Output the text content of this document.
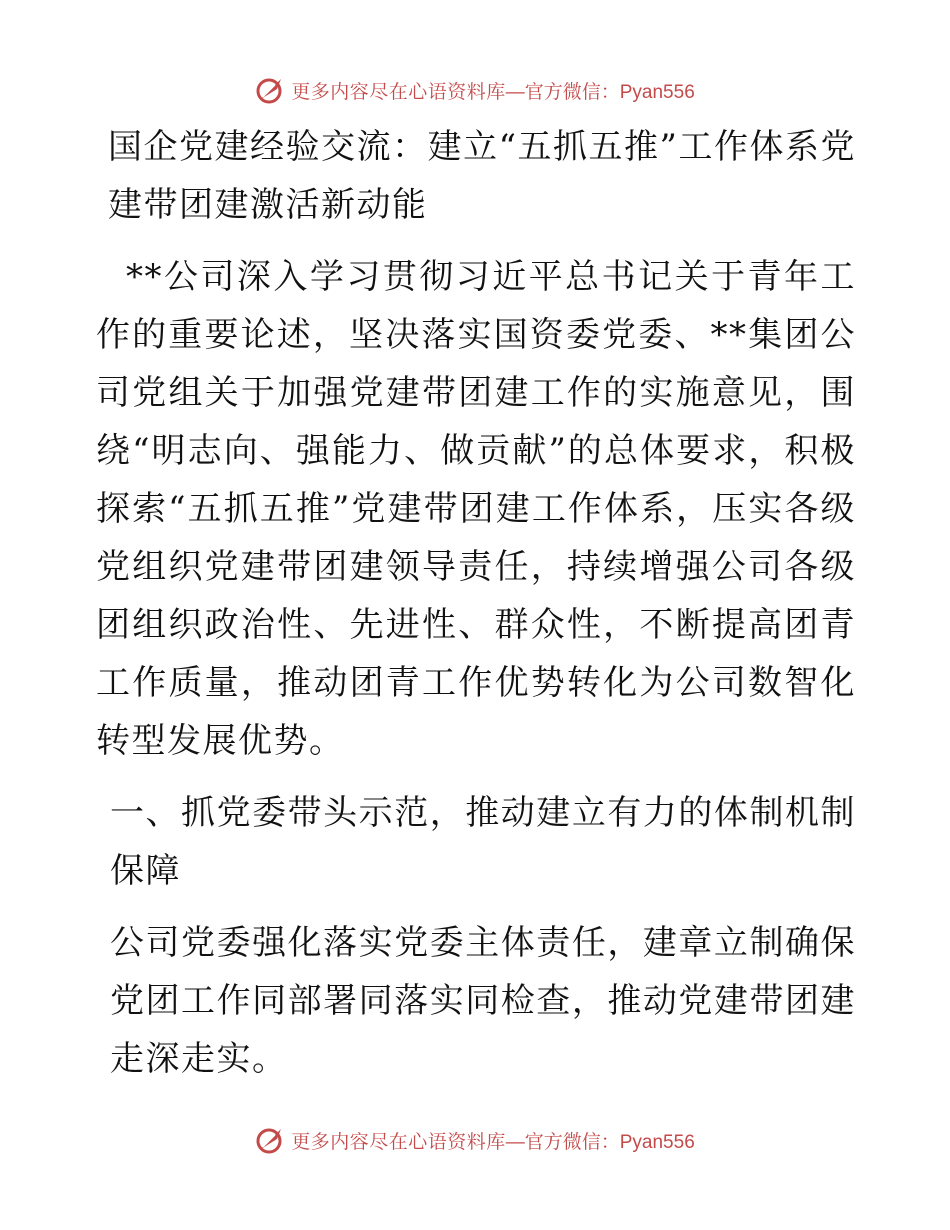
更多内容尽在心语资料库 —官方微信：Pyan556

国企党建经验交流：建立“五抓五推”工作体系党建带团建激活新动能

**公司深入学习贯彻习近平总书记关于青年工作的重要论述，坚决落实国资委党委、**集团公司党组关于加强党建带团建工作的实施意见，围绕“明志向、强能力、做贡献”的总体要求，积极探索“五抓五推”党建带团建工作体系，压实各级党组织党建带团建领导责任，持续增强公司各级团组织政治性、先进性、群众性，不断提高团青工作质量，推动团青工作优势转化为公司数智化转型发展优势。

一、抓党委带头示范，推动建立有力的体制机制保障

公司党委强化落实党委主体责任，建章立制确保党团工作同部署同落实同检查，推动党建带团建走深走实。

更多内容尽在心语资料库 —官方微信：Pyan556
